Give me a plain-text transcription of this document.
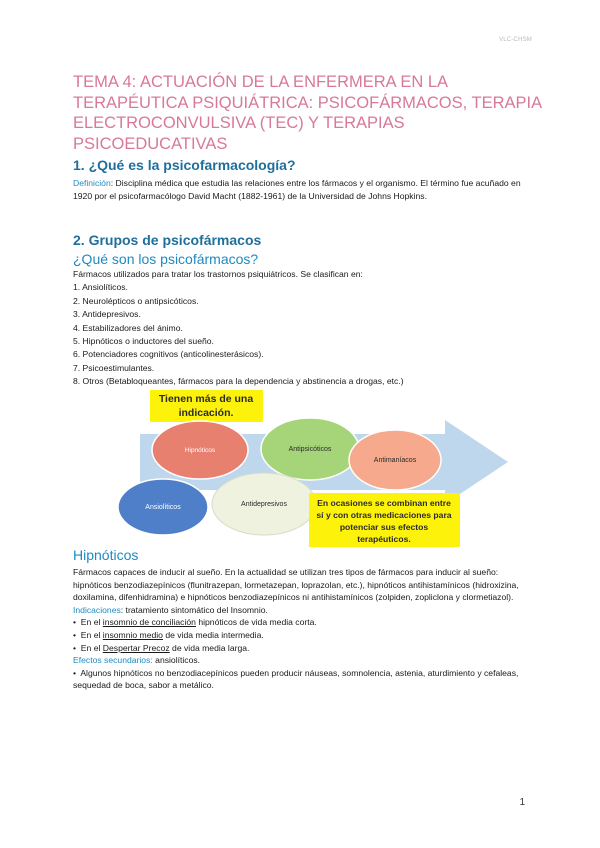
VLC-CHSM
TEMA 4: ACTUACIÓN DE LA ENFERMERA EN LA TERAPÉUTICA PSIQUIÁTRICA: PSICOFÁRMACOS, TERAPIA ELECTROCONVULSIVA (TEC) Y TERAPIAS PSICOEDUCATIVAS
1. ¿Qué es la psicofarmacología?

Definición: Disciplina médica que estudia las relaciones entre los fármacos y el organismo. El término fue acuñado en 1920 por el psicofarmacólogo David Macht (1882-1961) de la Universidad de Johns Hopkins.

2. Grupos de psicofármacos
¿Qué son los psicofármacos?
Fármacos utilizados para tratar los trastornos psiquiátricos. Se clasifican en:
1. Ansiolíticos.
2. Neurolépticos o antipsicóticos.
3. Antidepresivos.
4. Estabilizadores del ánimo.
5. Hipnóticos o inductores del sueño.
6. Potenciadores cognitivos (anticolinesterásicos).
7. Psicoestimulantes.
8. Otros (Betabloqueantes, fármacos para la dependencia y abstinencia a drogas, etc.)
Tienen más de una
indicación.
Hipnóticos	Antipsicóticos
Antimaníacos
Ansiolíticos	Antidepresivos	En ocasiones se combinan entre
sí y con otras medicaciones para
potenciar sus efectos
terapéuticos.
Hipnóticos

Fármacos capaces de inducir al sueño. En la actualidad se utilizan tres tipos de fármacos para inducir al sueño: hipnóticos benzodiazepínicos (flunitrazepan, lormetazepan, loprazolan, etc.), hipnóticos antihistamínicos (hidroxizina, doxilamina, difenhidramina) e hipnóticos benzodiazepínicos ni antihistamínicos (zolpiden, zopliclona y clormetiazol).

Indicaciones: tratamiento sintomático del Insomnio.

•  En el insomnio de conciliación hipnóticos de vida media corta.
•  En el insomnio medio de vida media intermedia.
•  En el Despertar Precoz de vida media larga.

Efectos secundarios: ansiolíticos.

•  Algunos hipnóticos no benzodiacepínicos pueden producir náuseas, somnolencia, astenia, aturdimiento y cefaleas, sequedad de boca, sabor a metálico.

1
